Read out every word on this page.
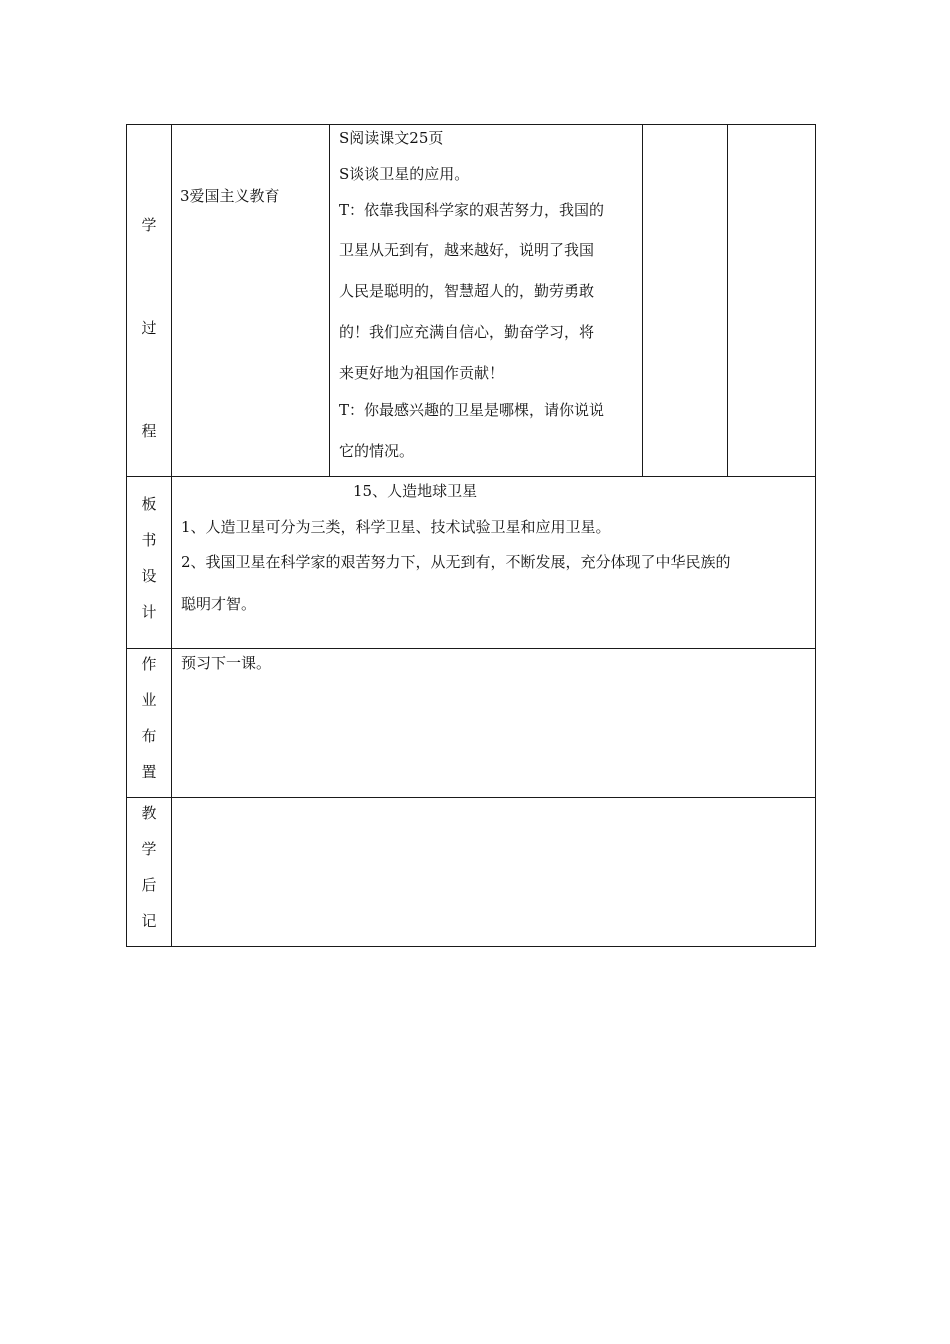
学
过
程
3爱国主义教育
S阅读课文25页
S谈谈卫星的应用。
T：依靠我国科学家的艰苦努力，我国的
卫星从无到有，越来越好，说明了我国
人民是聪明的，智慧超人的，勤劳勇敢
的！我们应充满自信心，勤奋学习，将
来更好地为祖国作贡献！
T：你最感兴趣的卫星是哪棵，请你说说
它的情况。
板
书
设
计
15、人造地球卫星
1、人造卫星可分为三类，科学卫星、技术试验卫星和应用卫星。
2、我国卫星在科学家的艰苦努力下，从无到有，不断发展，充分体现了中华民族的
聪明才智。
作
业
布
置
预习下一课。
教
学
后
记
